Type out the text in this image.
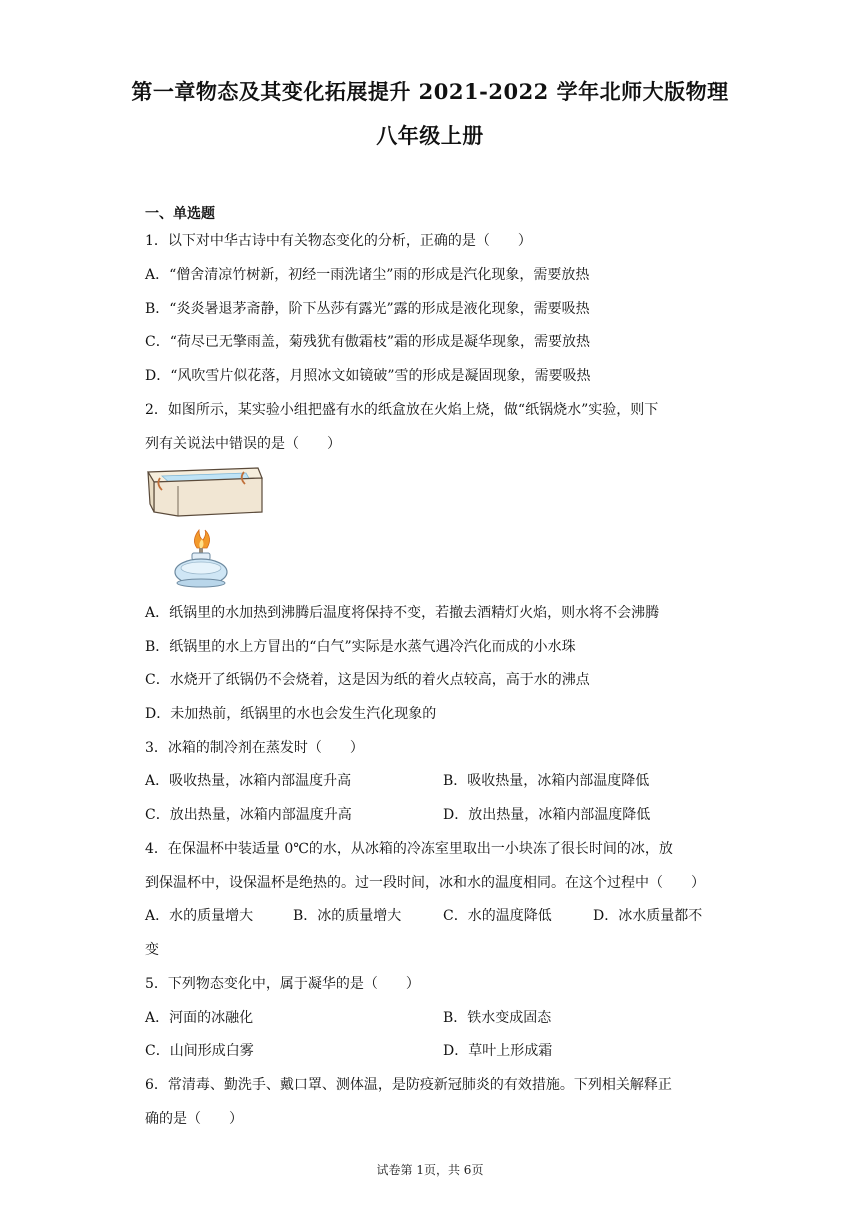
第一章物态及其变化拓展提升 2021-2022 学年北师大版物理
八年级上册
一、单选题
1．以下对中华古诗中有关物态变化的分析，正确的是（　　）
A．“僧舍清凉竹树新，初经一雨洗诸尘”雨的形成是汽化现象，需要放热
B．“炎炎暑退茅斋静，阶下丛莎有露光”露的形成是液化现象，需要吸热
C．“荷尽已无擎雨盖，菊残犹有傲霜枝”霜的形成是凝华现象，需要放热
D．“风吹雪片似花落，月照冰文如镜破”雪的形成是凝固现象，需要吸热
2．如图所示，某实验小组把盛有水的纸盒放在火焰上烧，做“纸锅烧水”实验，则下
列有关说法中错误的是（　　）
A．纸锅里的水加热到沸腾后温度将保持不变，若撤去酒精灯火焰，则水将不会沸腾
B．纸锅里的水上方冒出的“白气”实际是水蒸气遇冷汽化而成的小水珠
C．水烧开了纸锅仍不会烧着，这是因为纸的着火点较高，高于水的沸点
D．未加热前，纸锅里的水也会发生汽化现象的
3．冰箱的制冷剂在蒸发时（　　）
A．吸收热量，冰箱内部温度升高	B．吸收热量，冰箱内部温度降低
C．放出热量，冰箱内部温度升高	D．放出热量，冰箱内部温度降低
4．在保温杯中装适量 0℃的水，从冰箱的冷冻室里取出一小块冻了很长时间的冰，放
到保温杯中，设保温杯是绝热的。过一段时间，冰和水的温度相同。在这个过程中（　　）
A．水的质量增大	B．冰的质量增大	C．水的温度降低	D．冰水质量都不
变
5．下列物态变化中，属于凝华的是（　　）
A．河面的冰融化	B．铁水变成固态
C．山间形成白雾	D．草叶上形成霜
6．常清毒、勤洗手、戴口罩、测体温，是防疫新冠肺炎的有效措施。下列相关解释正
确的是（　　）
试卷第 1页，共 6页
